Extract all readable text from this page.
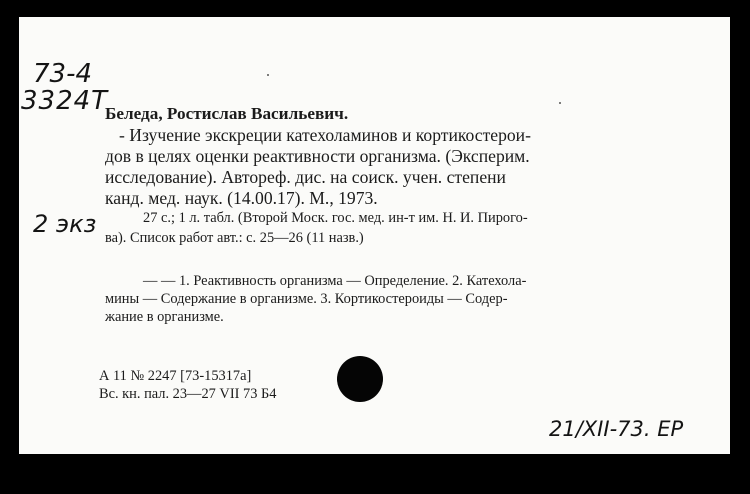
73-4
3324Т
2 экз
Беледа, Ростислав Васильевич.
- Изучение экскреции катехоламинов и кортикостерои-
дов в целях оценки реактивности организма. (Эксперим.
исследование). Автореф. дис. на соиск. учен. степени
канд. мед. наук. (14.00.17). М., 1973.
27 с.; 1 л. табл. (Второй Моск. гос. мед. ин-т им. Н. И. Пирого-
ва). Список работ авт.: с. 25—26 (11 назв.)
— — 1. Реактивность организма — Определение. 2. Катехола-
мины — Содержание в организме. 3. Кортикостероиды — Содер-
жание в организме.
А 11 № 2247 [73-15317а]
Вс. кн. пал. 23—27 VII 73 Б4
21/XII-73. ЕР
